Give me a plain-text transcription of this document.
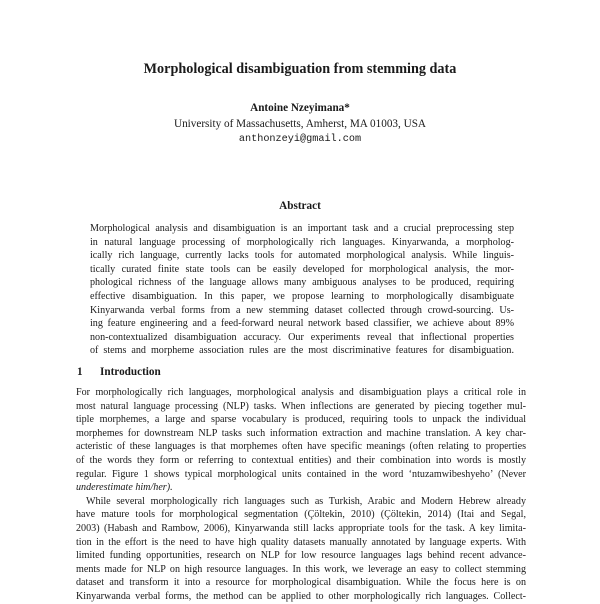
Morphological disambiguation from stemming data
Antoine Nzeyimana*
University of Massachusetts, Amherst, MA 01003, USA
anthonzeyi@gmail.com
Abstract

Morphological analysis and disambiguation is an important task and a crucial preprocessing step
in natural language processing of morphologically rich languages. Kinyarwanda, a morpholog-
ically rich language, currently lacks tools for automated morphological analysis. While linguis-
tically curated finite state tools can be easily developed for morphological analysis, the mor-
phological richness of the language allows many ambiguous analyses to be produced, requiring
effective disambiguation. In this paper, we propose learning to morphologically disambiguate
Kinyarwanda verbal forms from a new stemming dataset collected through crowd-sourcing. Us-
ing feature engineering and a feed-forward neural network based classifier, we achieve about 89%
non-contextualized disambiguation accuracy. Our experiments reveal that inflectional properties
of stems and morpheme association rules are the most discriminative features for disambiguation.

1 Introduction

For morphologically rich languages, morphological analysis and disambiguation plays a critical role in
most natural language processing (NLP) tasks. When inflections are generated by piecing together mul-
tiple morphemes, a large and sparse vocabulary is produced, requiring tools to unpack the individual
morphemes for downstream NLP tasks such information extraction and machine translation. A key char-
acteristic of these languages is that morphemes often have specific meanings (often relating to properties
of the words they form or referring to contextual entities) and their combination into words is mostly
regular. Figure 1 shows typical morphological units contained in the word ‘ntuzamwibeshyeho’ (Never
underestimate him/her).
While several morphologically rich languages such as Turkish, Arabic and Modern Hebrew already
have mature tools for morphological segmentation (Çöltekin, 2010) (Çöltekin, 2014) (Itai and Segal,
2003) (Habash and Rambow, 2006), Kinyarwanda still lacks appropriate tools for the task. A key limita-
tion in the effort is the need to have high quality datasets manually annotated by language experts. With
limited funding opportunities, research on NLP for low resource languages lags behind recent advance-
ments made for NLP on high resource languages. In this work, we leverage an easy to collect stemming
dataset and transform it into a resource for morphological disambiguation. While the focus here is on
Kinyarwanda verbal forms, the method can be applied to other morphologically rich languages. Collect-
